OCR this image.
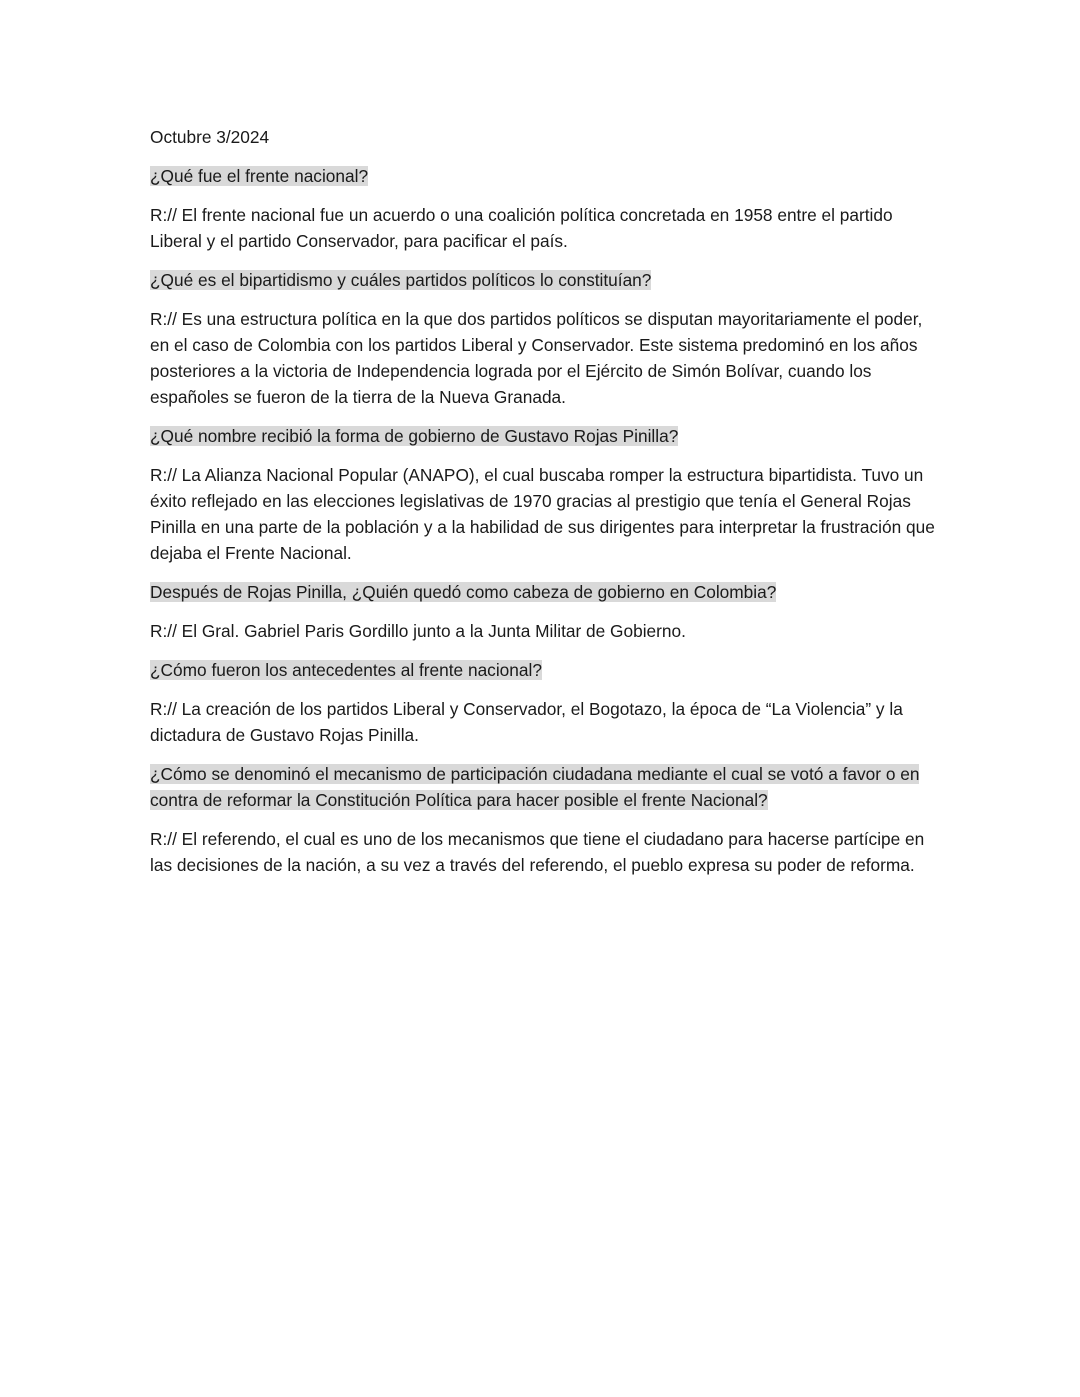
Octubre 3/2024

¿Qué fue el frente nacional?

R:// El frente nacional fue un acuerdo o una coalición política concretada en 1958 entre el partido Liberal y el partido Conservador, para pacificar el país.

¿Qué es el bipartidismo y cuáles partidos políticos lo constituían?

R:// Es una estructura política en la que dos partidos políticos se disputan mayoritariamente el poder, en el caso de Colombia con los partidos Liberal y Conservador. Este sistema predominó en los años posteriores a la victoria de Independencia lograda por el Ejército de Simón Bolívar, cuando los españoles se fueron de la tierra de la Nueva Granada.

¿Qué nombre recibió la forma de gobierno de Gustavo Rojas Pinilla?

R:// La Alianza Nacional Popular (ANAPO), el cual buscaba romper la estructura bipartidista. Tuvo un éxito reflejado en las elecciones legislativas de 1970 gracias al prestigio que tenía el General Rojas Pinilla en una parte de la población y a la habilidad de sus dirigentes para interpretar la frustración que dejaba el Frente Nacional.

Después de Rojas Pinilla, ¿Quién quedó como cabeza de gobierno en Colombia?

R:// El Gral. Gabriel Paris Gordillo junto a la Junta Militar de Gobierno.

¿Cómo fueron los antecedentes al frente nacional?

R:// La creación de los partidos Liberal y Conservador, el Bogotazo, la época de “La Violencia” y la dictadura de Gustavo Rojas Pinilla.

¿Cómo se denominó el mecanismo de participación ciudadana mediante el cual se votó a favor o en contra de reformar la Constitución Política para hacer posible el frente Nacional?

R:// El referendo, el cual es uno de los mecanismos que tiene el ciudadano para hacerse partícipe en las decisiones de la nación, a su vez a través del referendo, el pueblo expresa su poder de reforma.
